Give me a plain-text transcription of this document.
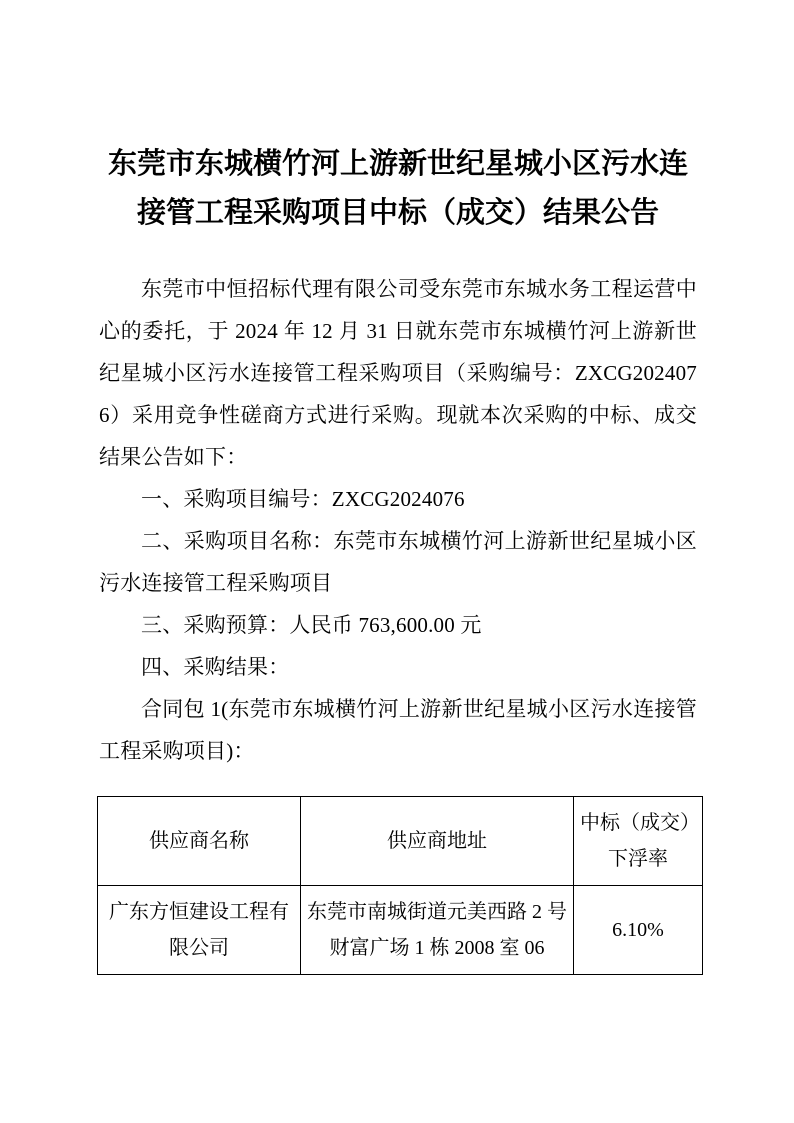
东莞市东城横竹河上游新世纪星城小区污水连
接管工程采购项目中标（成交）结果公告

东莞市中恒招标代理有限公司受东莞市东城水务工程运营中心的委托，于 2024 年 12 月 31 日就东莞市东城横竹河上游新世纪星城小区污水连接管工程采购项目（采购编号：ZXCG2024076）采用竞争性磋商方式进行采购。现就本次采购的中标、成交结果公告如下：

一、采购项目编号：ZXCG2024076

二、采购项目名称：东莞市东城横竹河上游新世纪星城小区污水连接管工程采购项目

三、采购预算：人民币 763,600.00 元

四、采购结果：

合同包 1(东莞市东城横竹河上游新世纪星城小区污水连接管工程采购项目)：

供应商名称	供应商地址	中标（成交）
下浮率

广东方恒建设工程有限公司	东莞市南城街道元美西路 2 号财富广场 1 栋 2008 室 06	6.10%
